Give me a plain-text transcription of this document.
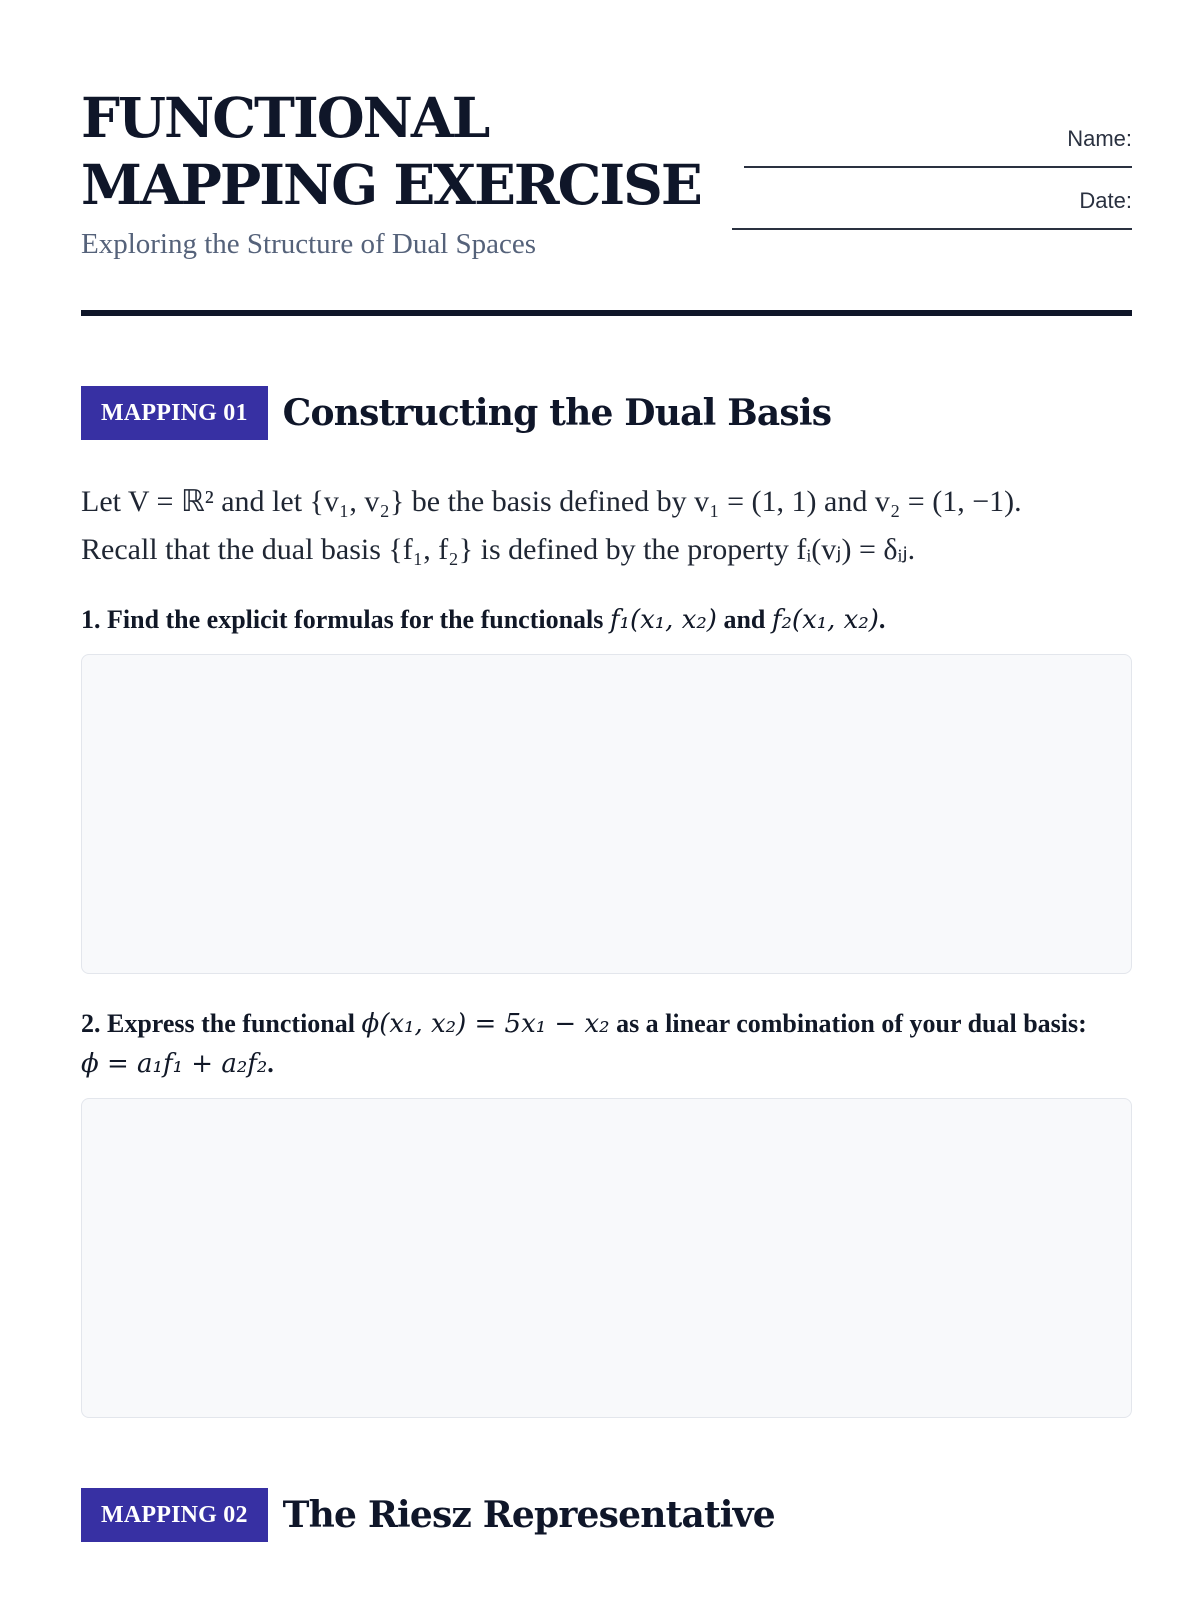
FUNCTIONAL
MAPPING EXERCISE
Exploring the Structure of Dual Spaces
Name:
Date:
MAPPING 01 Constructing the Dual Basis
Let V = ℝ² and let {v₁, v₂} be the basis defined by v₁ = (1, 1) and v₂ = (1, −1).
Recall that the dual basis {f₁, f₂} is defined by the property fᵢ(vⱼ) = δᵢⱼ.
1. Find the explicit formulas for the functionals f₁(x₁, x₂) and f₂(x₁, x₂).
2. Express the functional ϕ(x₁, x₂) = 5x₁ − x₂ as a linear combination of your dual basis:
ϕ = a₁f₁ + a₂f₂.
MAPPING 02 The Riesz Representative
